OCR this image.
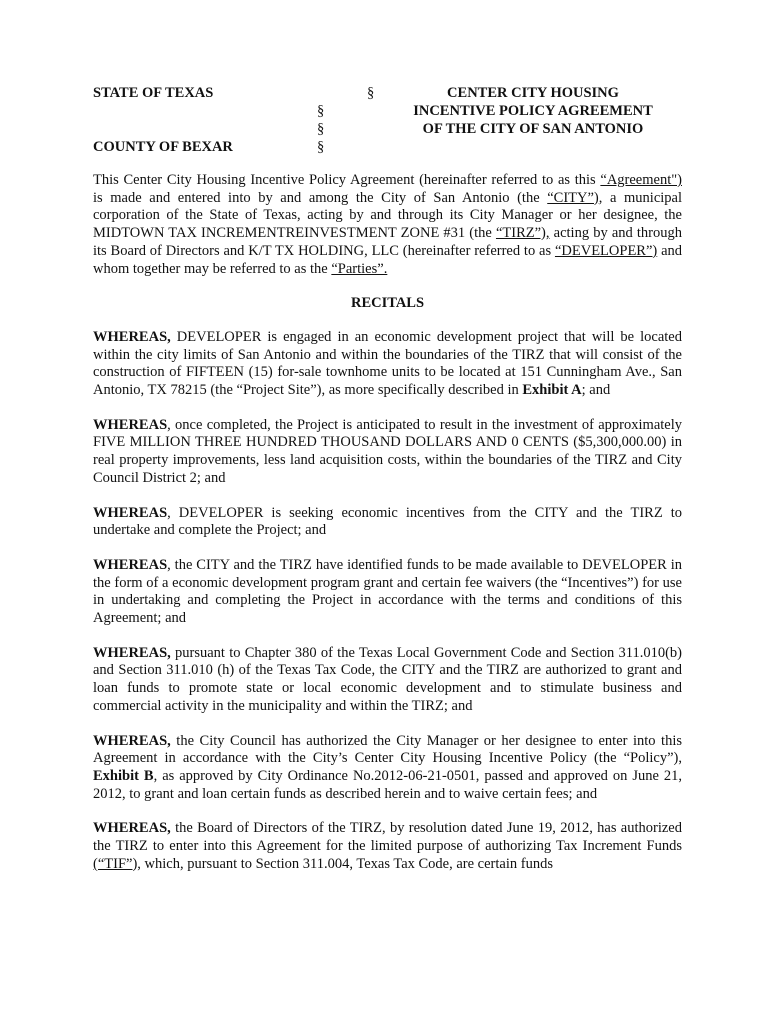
STATE OF TEXAS
COUNTY OF BEXAR
§
§
§
§
CENTER CITY HOUSING
INCENTIVE POLICY AGREEMENT
OF THE CITY OF SAN ANTONIO

This Center City Housing Incentive Policy Agreement (hereinafter referred to as this “Agreement") is made and entered into by and among the City of San Antonio (the “CITY”), a municipal corporation of the State of Texas, acting by and through its City Manager or her designee, the MIDTOWN TAX INCREMENTREINVESTMENT ZONE #31 (the “TIRZ”), acting by and through its Board of Directors and K/T TX HOLDING, LLC (hereinafter referred to as “DEVELOPER”) and whom together may be referred to as the “Parties”.

RECITALS

WHEREAS, DEVELOPER is engaged in an economic development project that will be located within the city limits of San Antonio and within the boundaries of the TIRZ that will consist of the construction of FIFTEEN (15) for-sale townhome units to be located at 151 Cunningham Ave., San Antonio, TX 78215 (the “Project Site”), as more specifically described in Exhibit A; and

WHEREAS, once completed, the Project is anticipated to result in the investment of approximately FIVE MILLION THREE HUNDRED THOUSAND DOLLARS AND 0 CENTS ($5,300,000.00) in real property improvements, less land acquisition costs, within the boundaries of the TIRZ and City Council District 2; and

WHEREAS, DEVELOPER is seeking economic incentives from the CITY and the TIRZ to undertake and complete the Project; and

WHEREAS, the CITY and the TIRZ have identified funds to be made available to DEVELOPER in the form of a economic development program grant and certain fee waivers (the “Incentives”) for use in undertaking and completing the Project in accordance with the terms and conditions of this Agreement; and

WHEREAS, pursuant to Chapter 380 of the Texas Local Government Code and Section 311.010(b) and Section 311.010 (h) of the Texas Tax Code, the CITY and the TIRZ are authorized to grant and loan funds to promote state or local economic development and to stimulate business and commercial activity in the municipality and within the TIRZ; and

WHEREAS, the City Council has authorized the City Manager or her designee to enter into this Agreement in accordance with the City’s Center City Housing Incentive Policy (the “Policy”), Exhibit B, as approved by City Ordinance No.2012-06-21-0501, passed and approved on June 21, 2012, to grant and loan certain funds as described herein and to waive certain fees; and

WHEREAS, the Board of Directors of the TIRZ, by resolution dated June 19, 2012, has authorized the TIRZ to enter into this Agreement for the limited purpose of authorizing Tax Increment Funds (“TIF”), which, pursuant to Section 311.004, Texas Tax Code, are certain funds
